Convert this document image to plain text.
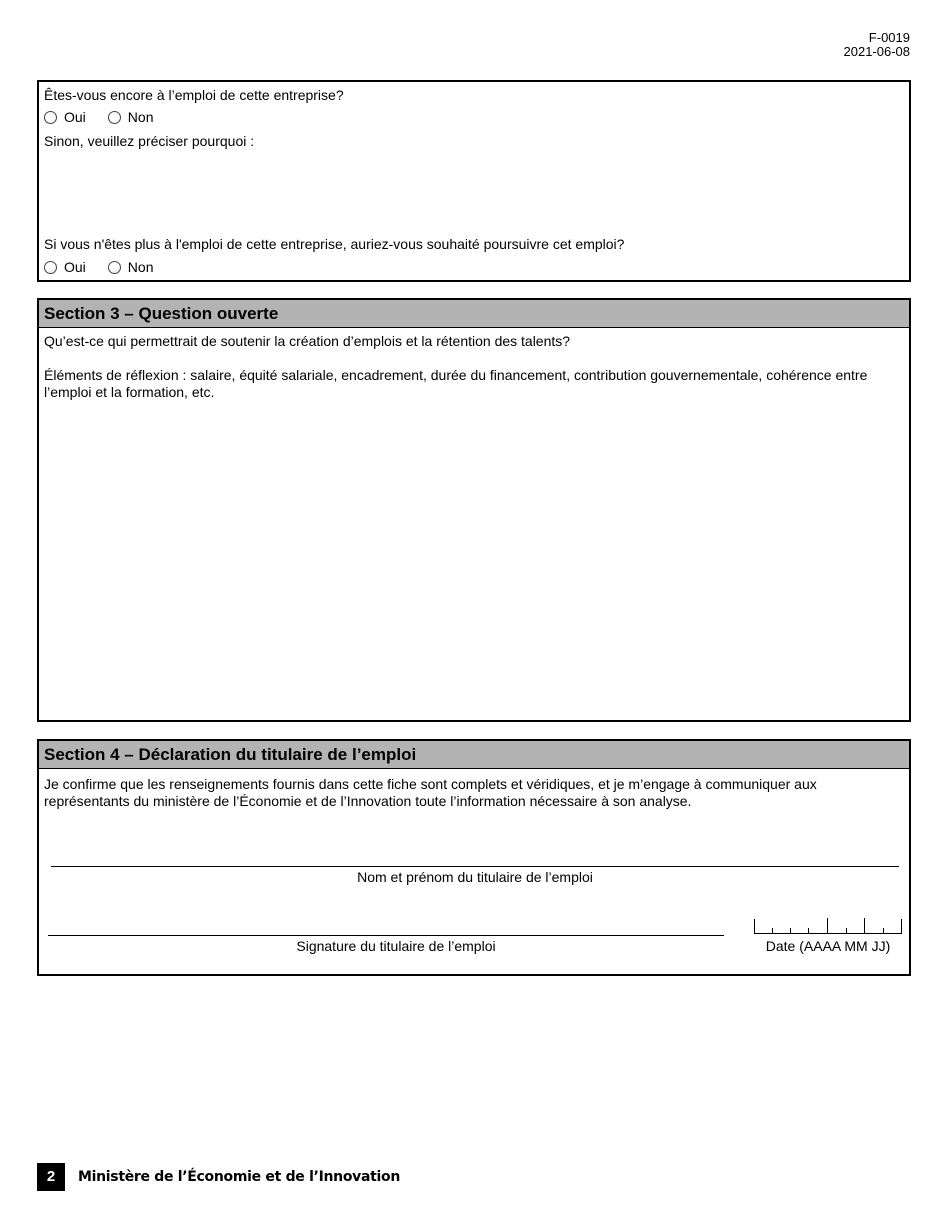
F-0019
2021-06-08
Êtes-vous encore à l’emploi de cette entreprise?
Oui	Non
Sinon, veuillez préciser pourquoi :
Si vous n'êtes plus à l'emploi de cette entreprise, auriez-vous souhaité poursuivre cet emploi?
Oui	Non
Section 3 – Question ouverte
Qu’est-ce qui permettrait de soutenir la création d’emplois et la rétention des talents?
Éléments de réflexion : salaire, équité salariale, encadrement, durée du financement, contribution gouvernementale, cohérence entre l’emploi et la formation, etc.
Section 4 – Déclaration du titulaire de l’emploi
Je confirme que les renseignements fournis dans cette fiche sont complets et véridiques, et je m’engage à communiquer aux représentants du ministère de l’Économie et de l’Innovation toute l’information nécessaire à son analyse.
Nom et prénom du titulaire de l’emploi
Signature du titulaire de l’emploi	Date (AAAA MM JJ)
2	Ministère de l’Économie et de l’Innovation
